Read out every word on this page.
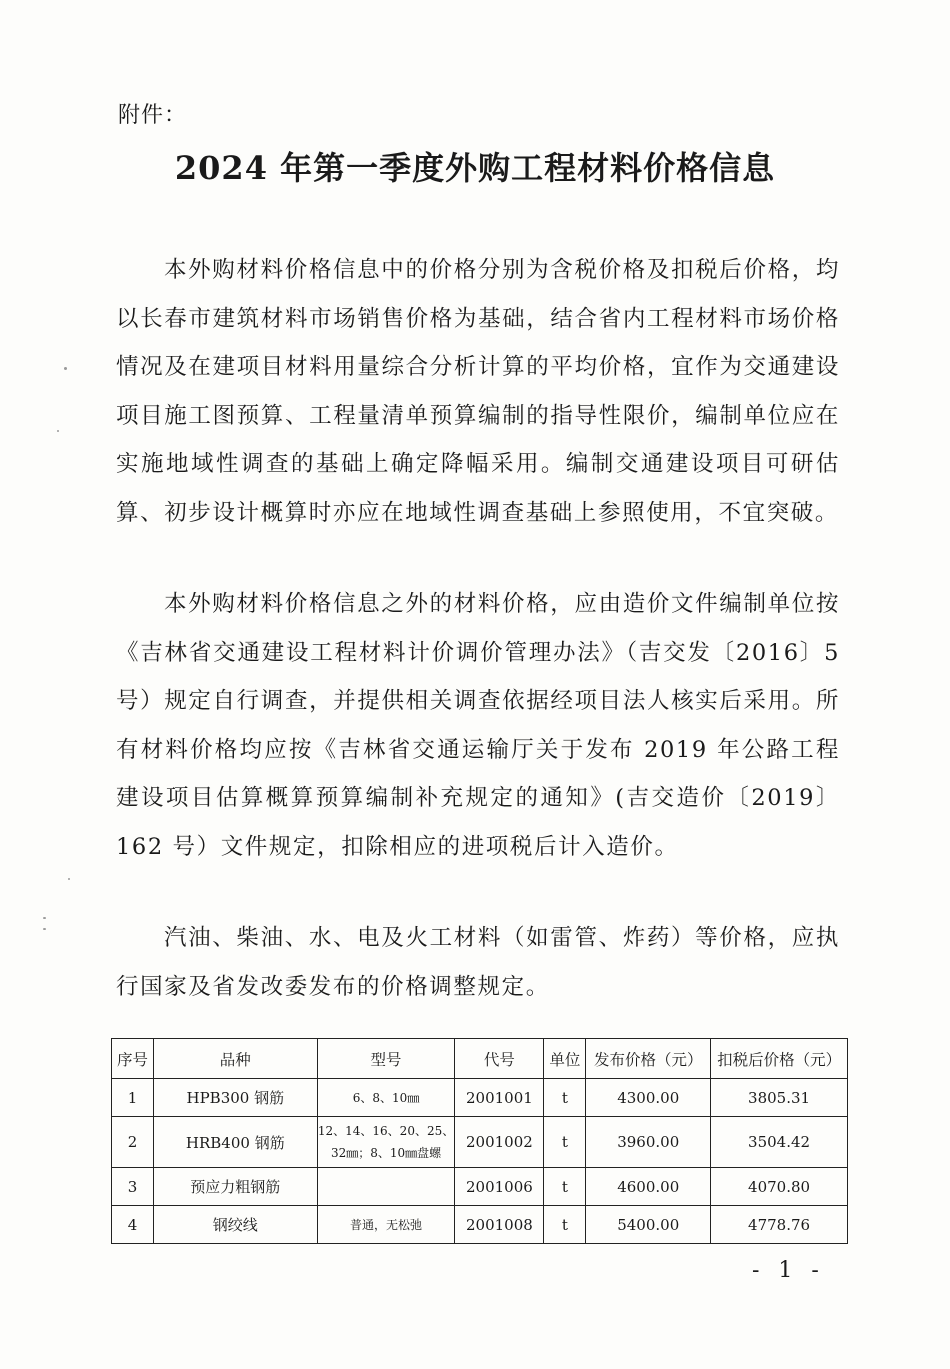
附件：
2024 年第一季度外购工程材料价格信息

本外购材料价格信息中的价格分别为含税价格及扣税后价格，均以长春市建筑材料市场销售价格为基础，结合省内工程材料市场价格情况及在建项目材料用量综合分析计算的平均价格，宜作为交通建设项目施工图预算、工程量清单预算编制的指导性限价，编制单位应在实施地域性调查的基础上确定降幅采用。编制交通建设项目可研估算、初步设计概算时亦应在地域性调查基础上参照使用，不宜突破。

本外购材料价格信息之外的材料价格，应由造价文件编制单位按《吉林省交通建设工程材料计价调价管理办法》（吉交发〔2016〕5 号）规定自行调查，并提供相关调查依据经项目法人核实后采用。所有材料价格均应按《吉林省交通运输厅关于发布 2019 年公路工程建设项目估算概算预算编制补充规定的通知》(吉交造价〔2019〕162 号）文件规定，扣除相应的进项税后计入造价。

汽油、柴油、水、电及火工材料（如雷管、炸药）等价格，应执行国家及省发改委发布的价格调整规定。

序号	品种	型号	代号	单位	发布价格（元）	扣税后价格（元）
1	HPB300 钢筋	6、8、10㎜	2001001	t	4300.00	3805.31
2	HRB400 钢筋	12、14、16、20、25、
32㎜；8、10㎜盘螺	2001002	t	3960.00	3504.42
3	预应力粗钢筋		2001006	t	4600.00	4070.80
4	钢绞线	普通，无松弛	2001008	t	5400.00	4778.76
- 1 -
